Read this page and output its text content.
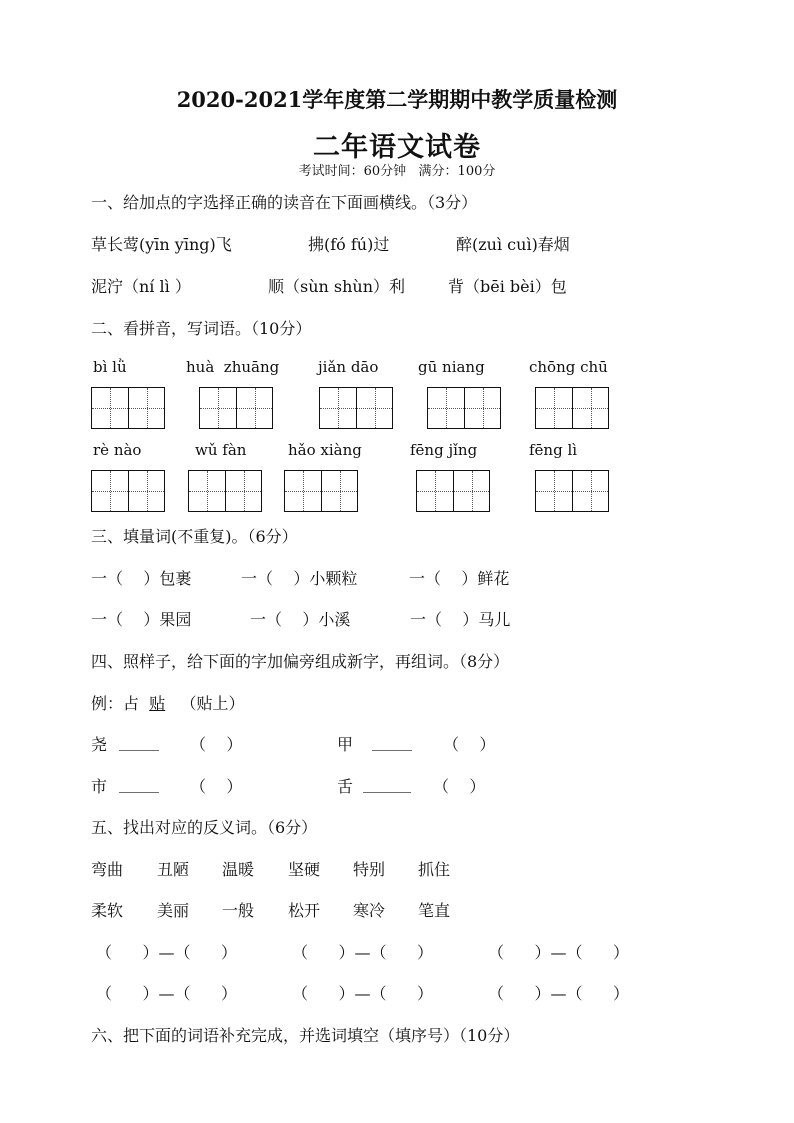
2020-2021学年度第二学期期中教学质量检测
二年语文试卷
考试时间：60分钟   满分：100分
一、给加点的字选择正确的读音在下面画横线。（3分）
草长莺(yīn yīng)飞	拂(fó fú)过	醉(zuì cuì)春烟
泥泞（ní lì ）	顺（sùn shùn）利	背（bēi bèi）包
二、看拼音，写词语。（10分）
bì lǜ	huà  zhuāng	jiǎn dāo	gū niang	chōng chū
rè nào	wǔ fàn	hǎo xiàng	fēng jǐng	fēng lì
三、填量词(不重复)。（6分）
一（    ）包裹	一（    ）小颗粒	一（    ）鲜花
一（    ）果园	一（    ）小溪	一（    ）马儿
四、照样子，给下面的字加偏旁组成新字，再组词。（8分）
例：占  贴 （贴上）
尧 _____ （    ）	甲 _____ （    ）
市 _____ （    ）	舌 ______ （    ）
五、找出对应的反义词。（6分）
弯曲 丑陋 温暖 坚硬 特别 抓住
柔软 美丽 一般 松开 寒冷 笔直
（      ）—（      ）	（      ）—（      ）	（      ）—（      ）
（      ）—（      ）	（      ）—（      ）	（      ）—（      ）
六、把下面的词语补充完成，并选词填空（填序号）（10分）
